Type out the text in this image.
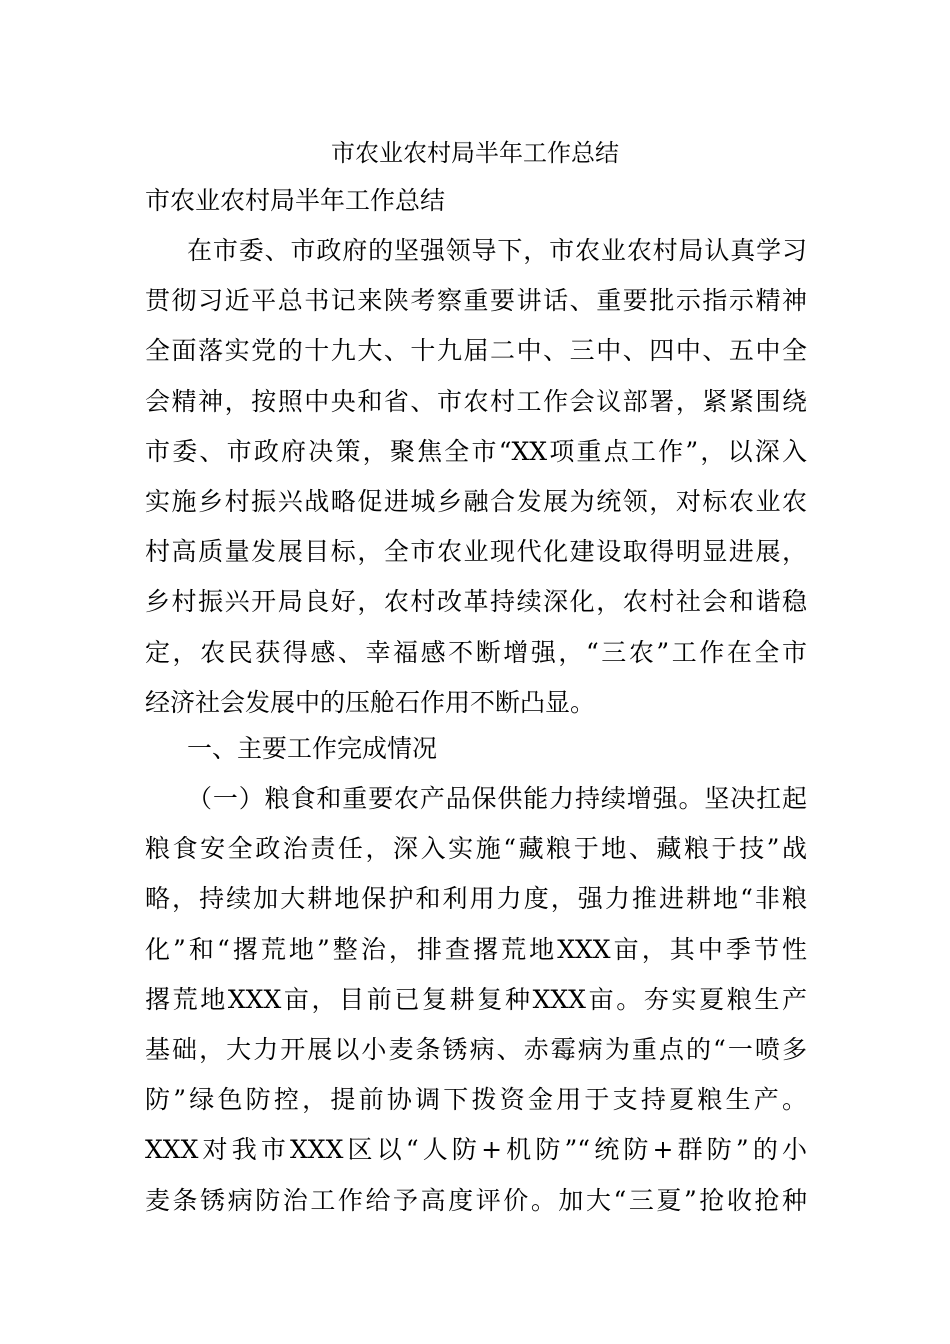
市农业农村局半年工作总结
市农业农村局半年工作总结
在市委、市政府的坚强领导下，市农业农村局认真学习
贯彻习近平总书记来陕考察重要讲话、重要批示指示精神
全面落实党的十九大、十九届二中、三中、四中、五中全
会精神，按照中央和省、市农村工作会议部署，紧紧围绕
市委、市政府决策，聚焦全市“XX项重点工作”，以深入
实施乡村振兴战略促进城乡融合发展为统领，对标农业农
村高质量发展目标，全市农业现代化建设取得明显进展，
乡村振兴开局良好，农村改革持续深化，农村社会和谐稳
定，农民获得感、幸福感不断增强，“三农”工作在全市
经济社会发展中的压舱石作用不断凸显。
一、主要工作完成情况
（一）粮食和重要农产品保供能力持续增强。坚决扛起
粮食安全政治责任，深入实施“藏粮于地、藏粮于技”战
略，持续加大耕地保护和利用力度，强力推进耕地“非粮
化”和“撂荒地”整治，排查撂荒地XXX亩，其中季节性
撂荒地XXX亩，目前已复耕复种XXX亩。夯实夏粮生产
基础，大力开展以小麦条锈病、赤霉病为重点的“一喷多
防”绿色防控，提前协调下拨资金用于支持夏粮生产。
XXX对我市XXX区以“人防+机防”“统防+群防”的小
麦条锈病防治工作给予高度评价。加大“三夏”抢收抢种
